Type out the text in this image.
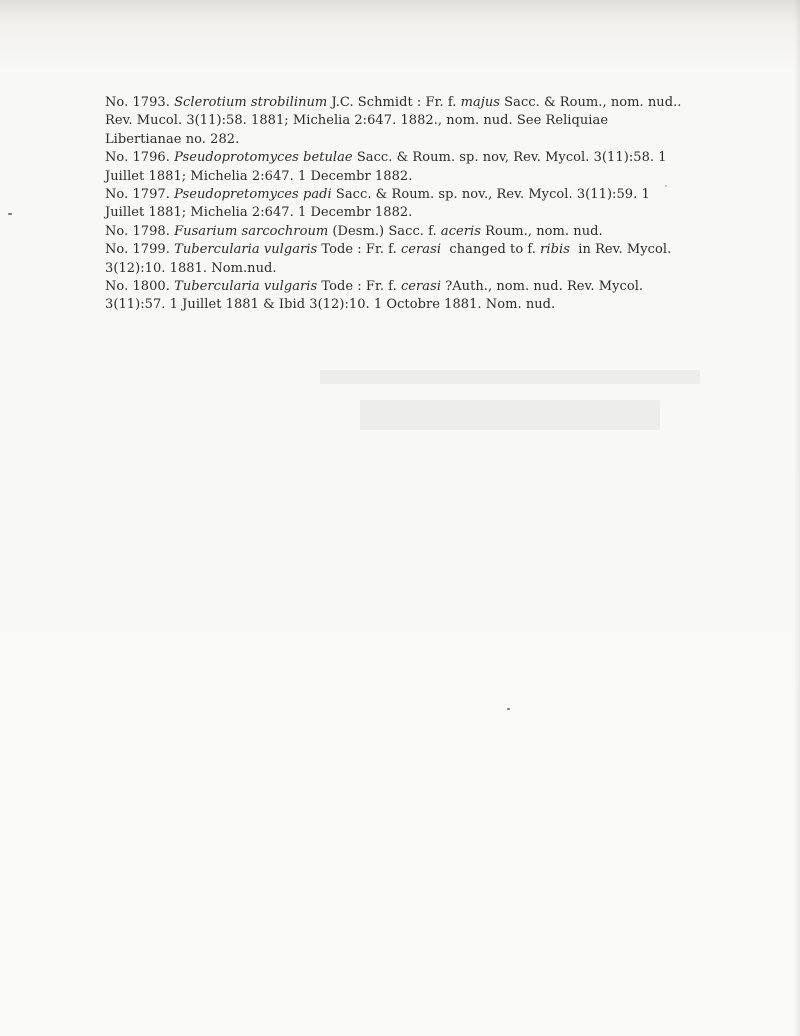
No. 1793. Sclerotium strobilinum J.C. Schmidt : Fr. f. majus Sacc. & Roum., nom. nud..
Rev. Mucol. 3(11):58. 1881; Michelia 2:647. 1882., nom. nud. See Reliquiae
Libertianae no. 282.

No. 1796. Pseudoprotomyces betulae Sacc. & Roum. sp. nov, Rev. Mycol. 3(11):58. 1
Juillet 1881; Michelia 2:647. 1 Decembr 1882.

No. 1797. Pseudopretomyces padi Sacc. & Roum. sp. nov., Rev. Mycol. 3(11):59. 1
Juillet 1881; Michelia 2:647. 1 Decembr 1882.

No. 1798. Fusarium sarcochroum (Desm.) Sacc. f. aceris Roum., nom. nud.

No. 1799. Tubercularia vulgaris Tode : Fr. f. cerasi  changed to f. ribis  in Rev. Mycol.
3(12):10. 1881. Nom.nud.

No. 1800. Tubercularia vulgaris Tode : Fr. f. cerasi ?Auth., nom. nud. Rev. Mycol.
3(11):57. 1 Juillet 1881 & Ibid 3(12):10. 1 Octobre 1881. Nom. nud.
